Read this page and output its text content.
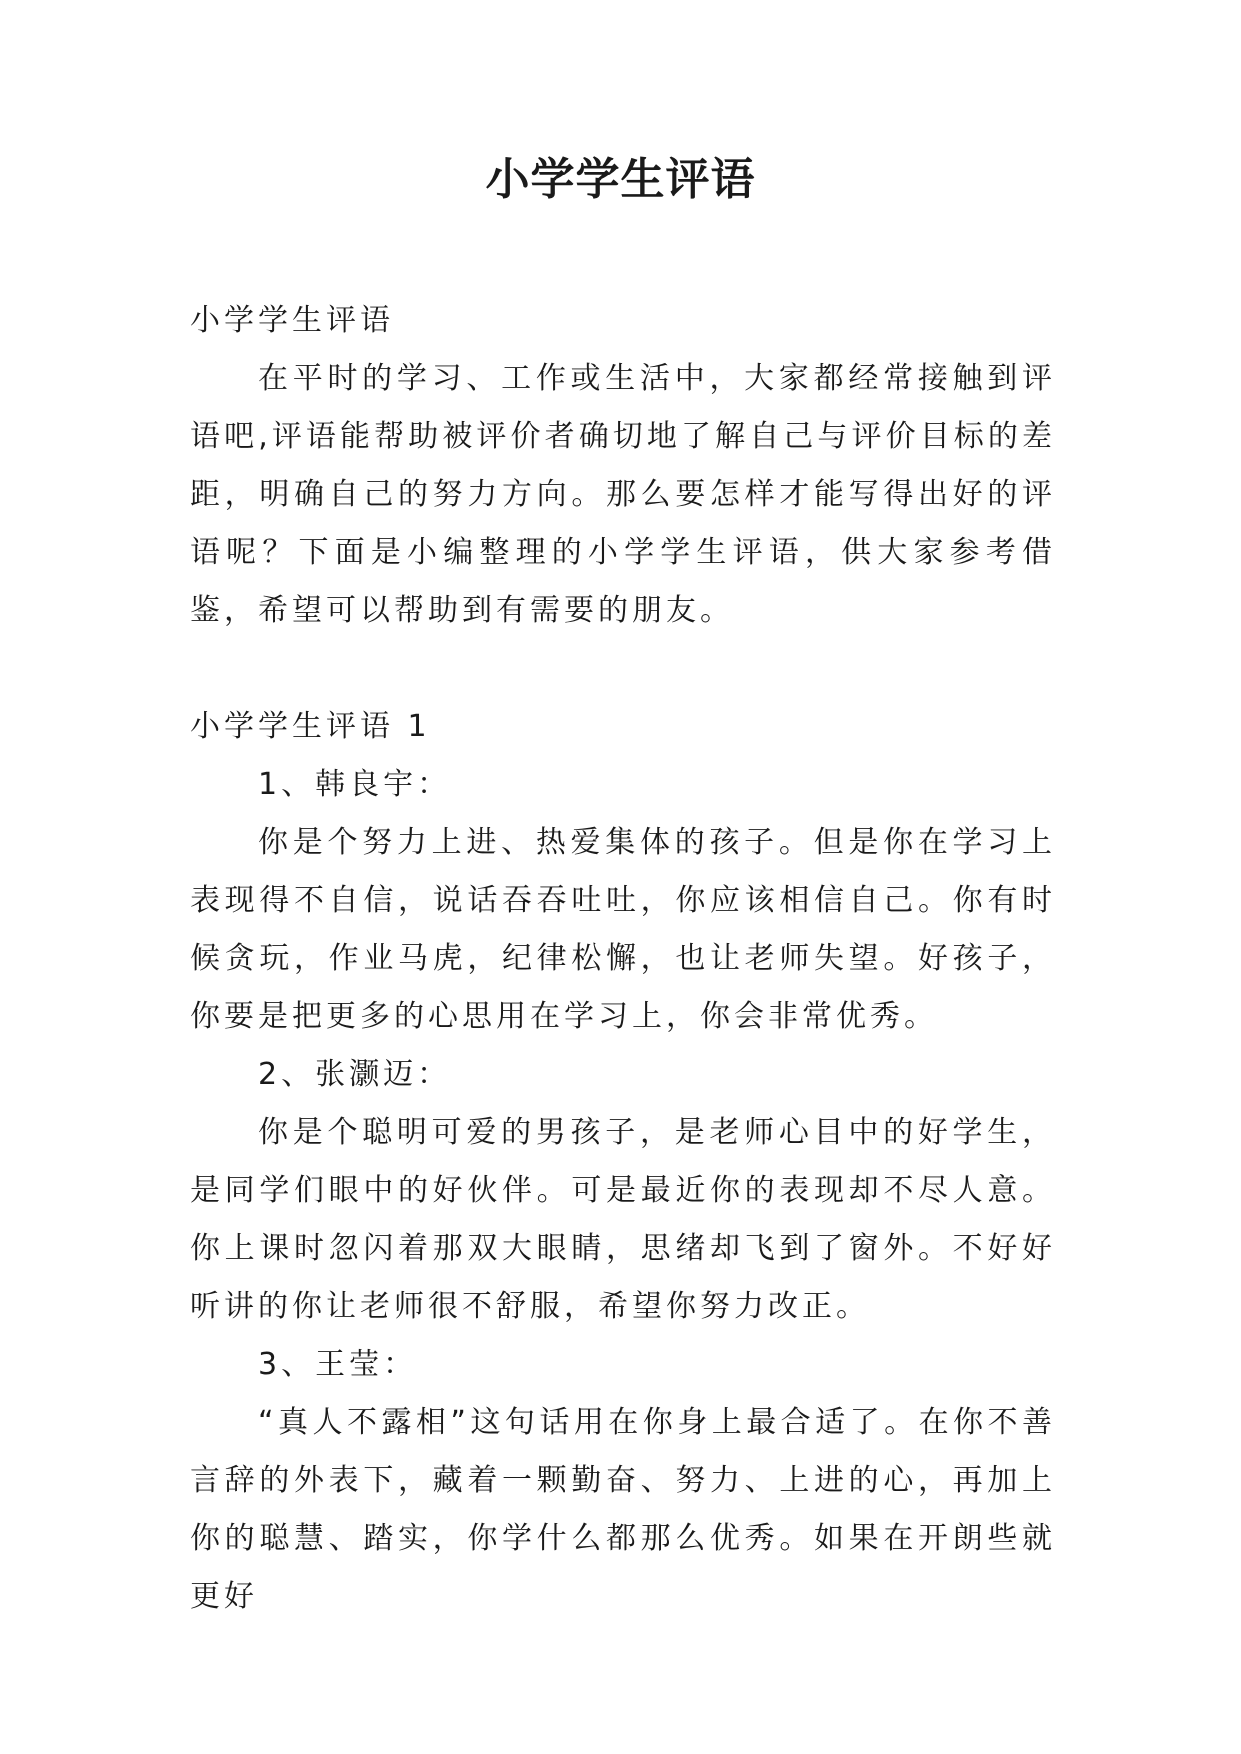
小学学生评语

小学学生评语

在平时的学习、工作或生活中，大家都经常接触到评语吧,评语能帮助被评价者确切地了解自己与评价目标的差距，明确自己的努力方向。那么要怎样才能写得出好的评语呢？下面是小编整理的小学学生评语，供大家参考借鉴，希望可以帮助到有需要的朋友。

小学学生评语 1

1、韩良宇：

你是个努力上进、热爱集体的孩子。但是你在学习上表现得不自信，说话吞吞吐吐，你应该相信自己。你有时候贪玩，作业马虎，纪律松懈，也让老师失望。好孩子，你要是把更多的心思用在学习上，你会非常优秀。

2、张灏迈：

你是个聪明可爱的男孩子，是老师心目中的好学生，是同学们眼中的好伙伴。可是最近你的表现却不尽人意。你上课时忽闪着那双大眼睛，思绪却飞到了窗外。不好好听讲的你让老师很不舒服，希望你努力改正。

3、王莹：

“真人不露相”这句话用在你身上最合适了。在你不善言辞的外表下，藏着一颗勤奋、努力、上进的心，再加上你的聪慧、踏实，你学什么都那么优秀。如果在开朗些就更好
